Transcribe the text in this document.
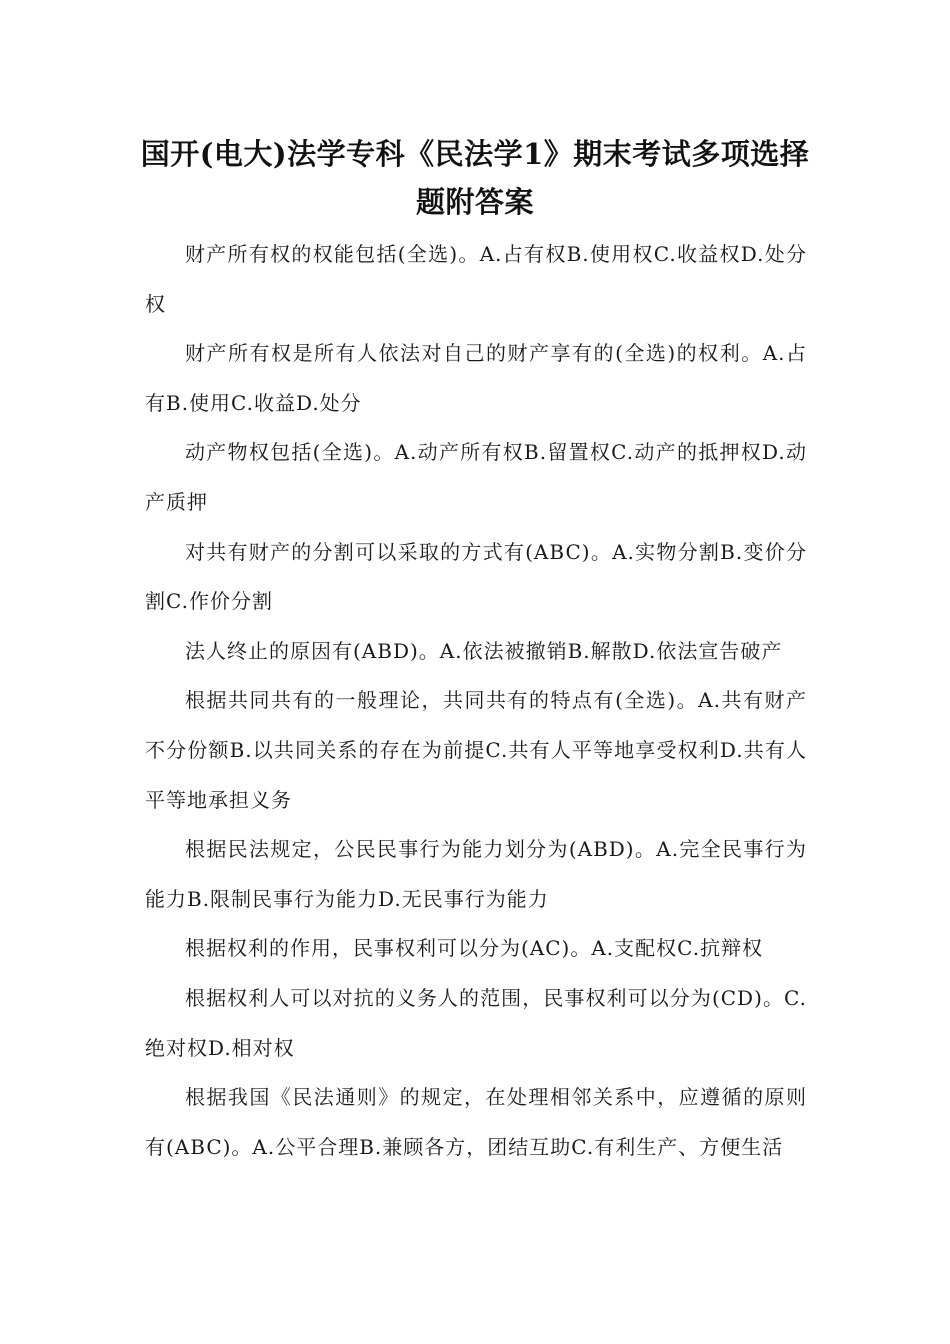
国开(电大)法学专科《民法学1》期末考试多项选择题附答案

财产所有权的权能包括(全选)。A.占有权B.使用权C.收益权D.处分权

财产所有权是所有人依法对自己的财产享有的(全选)的权利。A.占有B.使用C.收益D.处分

动产物权包括(全选)。A.动产所有权B.留置权C.动产的抵押权D.动产质押

对共有财产的分割可以采取的方式有(ABC)。A.实物分割B.变价分割C.作价分割

法人终止的原因有(ABD)。A.依法被撤销B.解散D.依法宣告破产

根据共同共有的一般理论，共同共有的特点有(全选)。A.共有财产不分份额B.以共同关系的存在为前提C.共有人平等地享受权利D.共有人平等地承担义务

根据民法规定，公民民事行为能力划分为(ABD)。A.完全民事行为能力B.限制民事行为能力D.无民事行为能力

根据权利的作用，民事权利可以分为(AC)。A.支配权C.抗辩权

根据权利人可以对抗的义务人的范围，民事权利可以分为(CD)。C.绝对权D.相对权

根据我国《民法通则》的规定，在处理相邻关系中，应遵循的原则有(ABC)。A.公平合理B.兼顾各方，团结互助C.有利生产、方便生活
